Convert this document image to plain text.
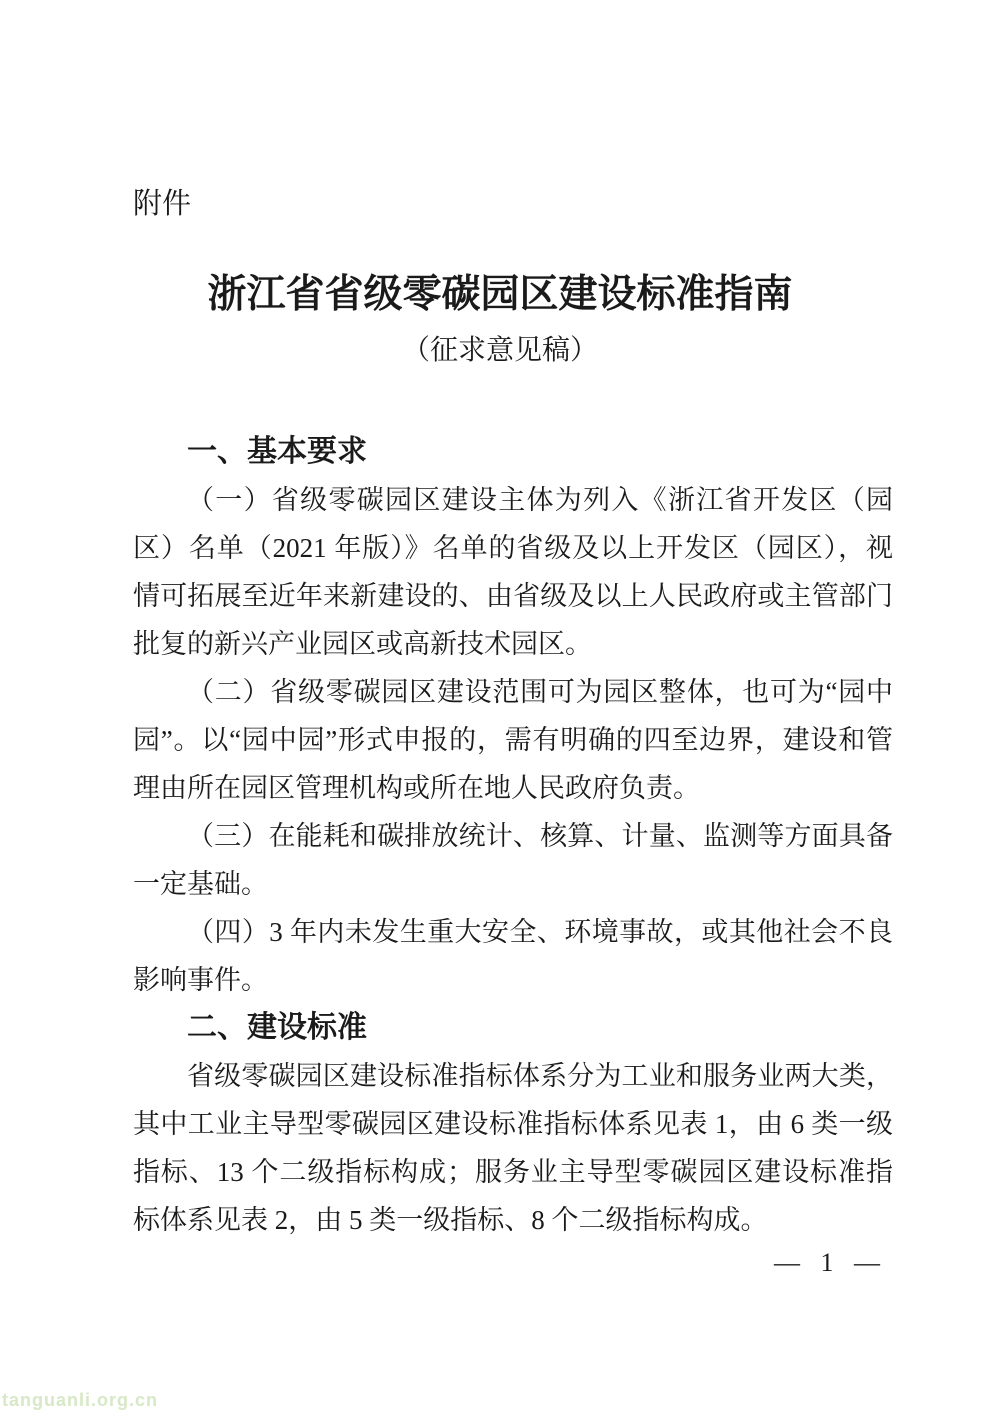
附件
浙江省省级零碳园区建设标准指南
（征求意见稿）
一、基本要求

（一）省级零碳园区建设主体为列入《浙江省开发区（园区）名单（2021 年版）》名单的省级及以上开发区（园区），视情可拓展至近年来新建设的、由省级及以上人民政府或主管部门批复的新兴产业园区或高新技术园区。

（二）省级零碳园区建设范围可为园区整体，也可为“园中园”。以“园中园”形式申报的，需有明确的四至边界，建设和管理由所在园区管理机构或所在地人民政府负责。

（三）在能耗和碳排放统计、核算、计量、监测等方面具备一定基础。

（四）3 年内未发生重大安全、环境事故，或其他社会不良影响事件。

二、建设标准

省级零碳园区建设标准指标体系分为工业和服务业两大类，其中工业主导型零碳园区建设标准指标体系见表 1，由 6 类一级指标、13 个二级指标构成；服务业主导型零碳园区建设标准指标体系见表 2，由 5 类一级指标、8 个二级指标构成。

— 1 —
tanguanli.org.cn
